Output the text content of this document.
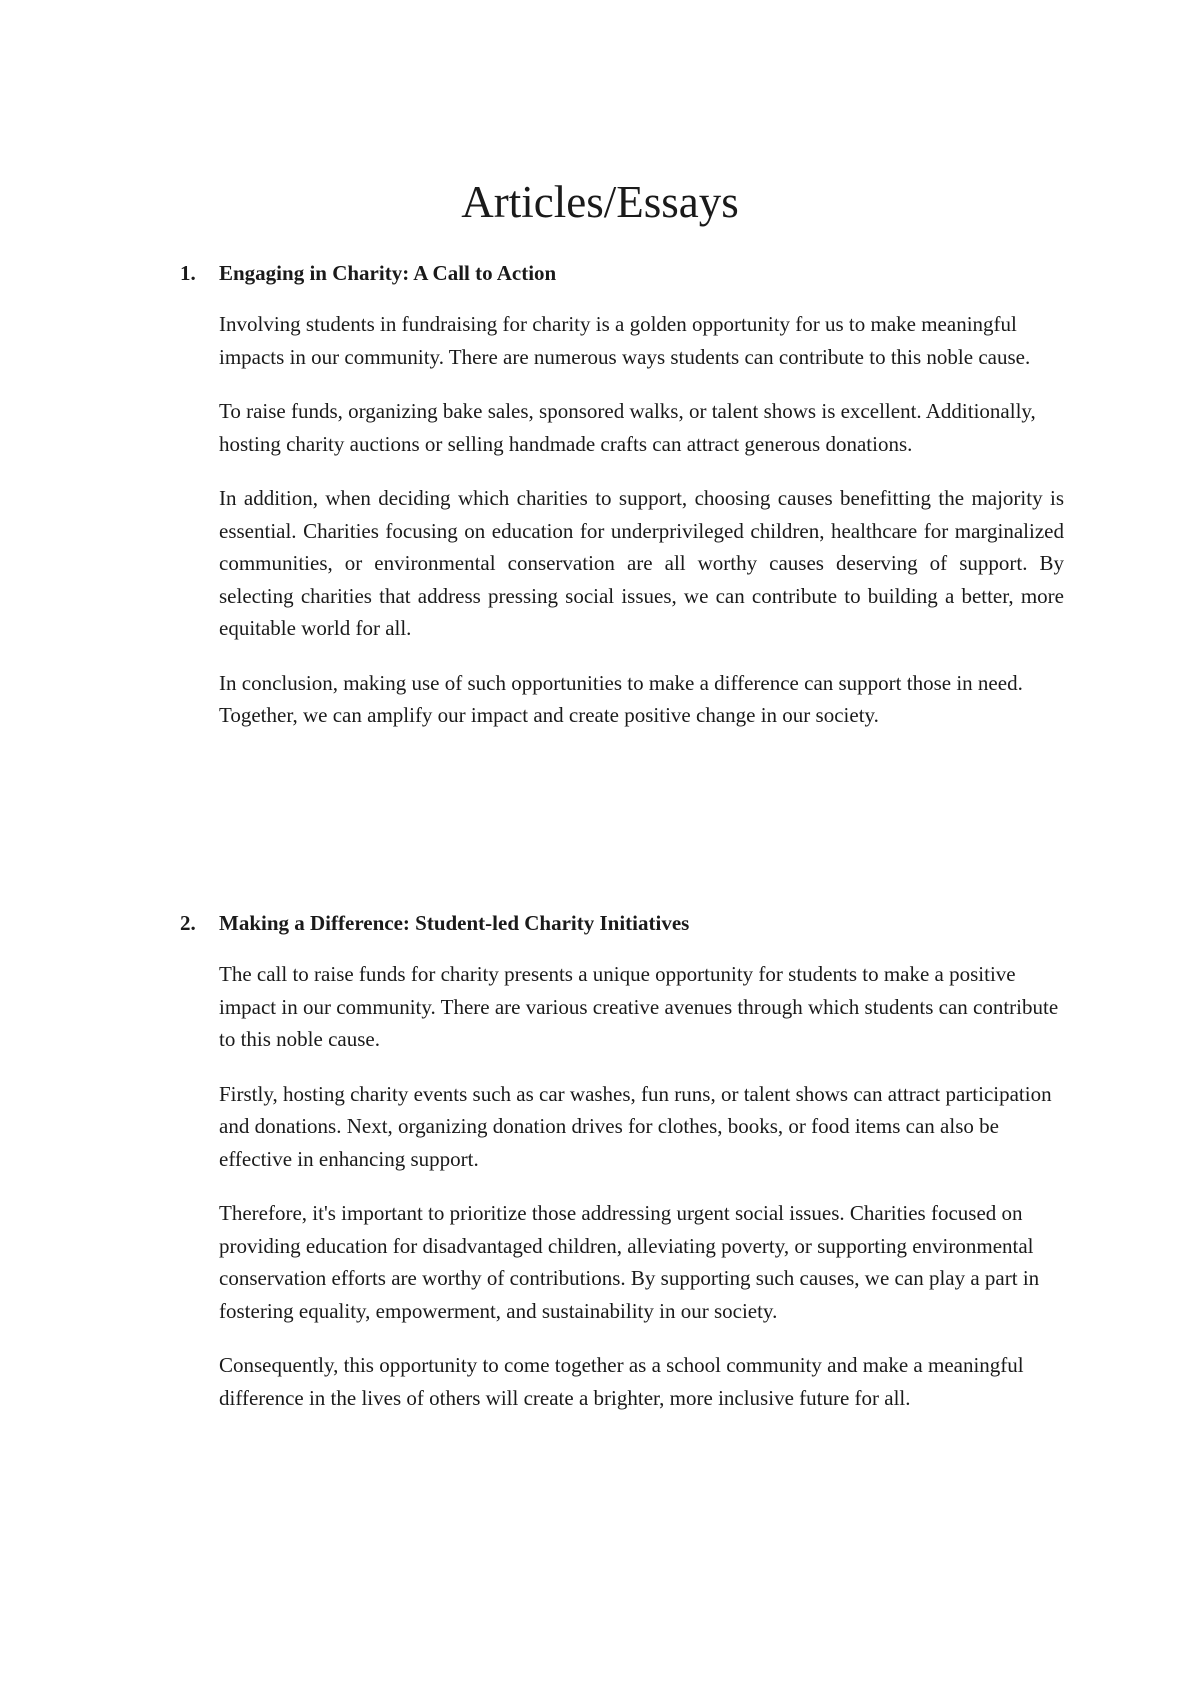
Articles/Essays
1. Engaging in Charity: A Call to Action

Involving students in fundraising for charity is a golden opportunity for us to make meaningful impacts in our community. There are numerous ways students can contribute to this noble cause.

To raise funds, organizing bake sales, sponsored walks, or talent shows is excellent. Additionally, hosting charity auctions or selling handmade crafts can attract generous donations.

In addition, when deciding which charities to support, choosing causes benefitting the majority is essential. Charities focusing on education for underprivileged children, healthcare for marginalized communities, or environmental conservation are all worthy causes deserving of support. By selecting charities that address pressing social issues, we can contribute to building a better, more equitable world for all.

In conclusion, making use of such opportunities to make a difference can support those in need. Together, we can amplify our impact and create positive change in our society.

2. Making a Difference: Student-led Charity Initiatives

The call to raise funds for charity presents a unique opportunity for students to make a positive impact in our community. There are various creative avenues through which students can contribute to this noble cause.

Firstly, hosting charity events such as car washes, fun runs, or talent shows can attract participation and donations. Next, organizing donation drives for clothes, books, or food items can also be effective in enhancing support.

Therefore, it's important to prioritize those addressing urgent social issues. Charities focused on providing education for disadvantaged children, alleviating poverty, or supporting environmental conservation efforts are worthy of contributions. By supporting such causes, we can play a part in fostering equality, empowerment, and sustainability in our society.

Consequently, this opportunity to come together as a school community and make a meaningful difference in the lives of others will create a brighter, more inclusive future for all.
